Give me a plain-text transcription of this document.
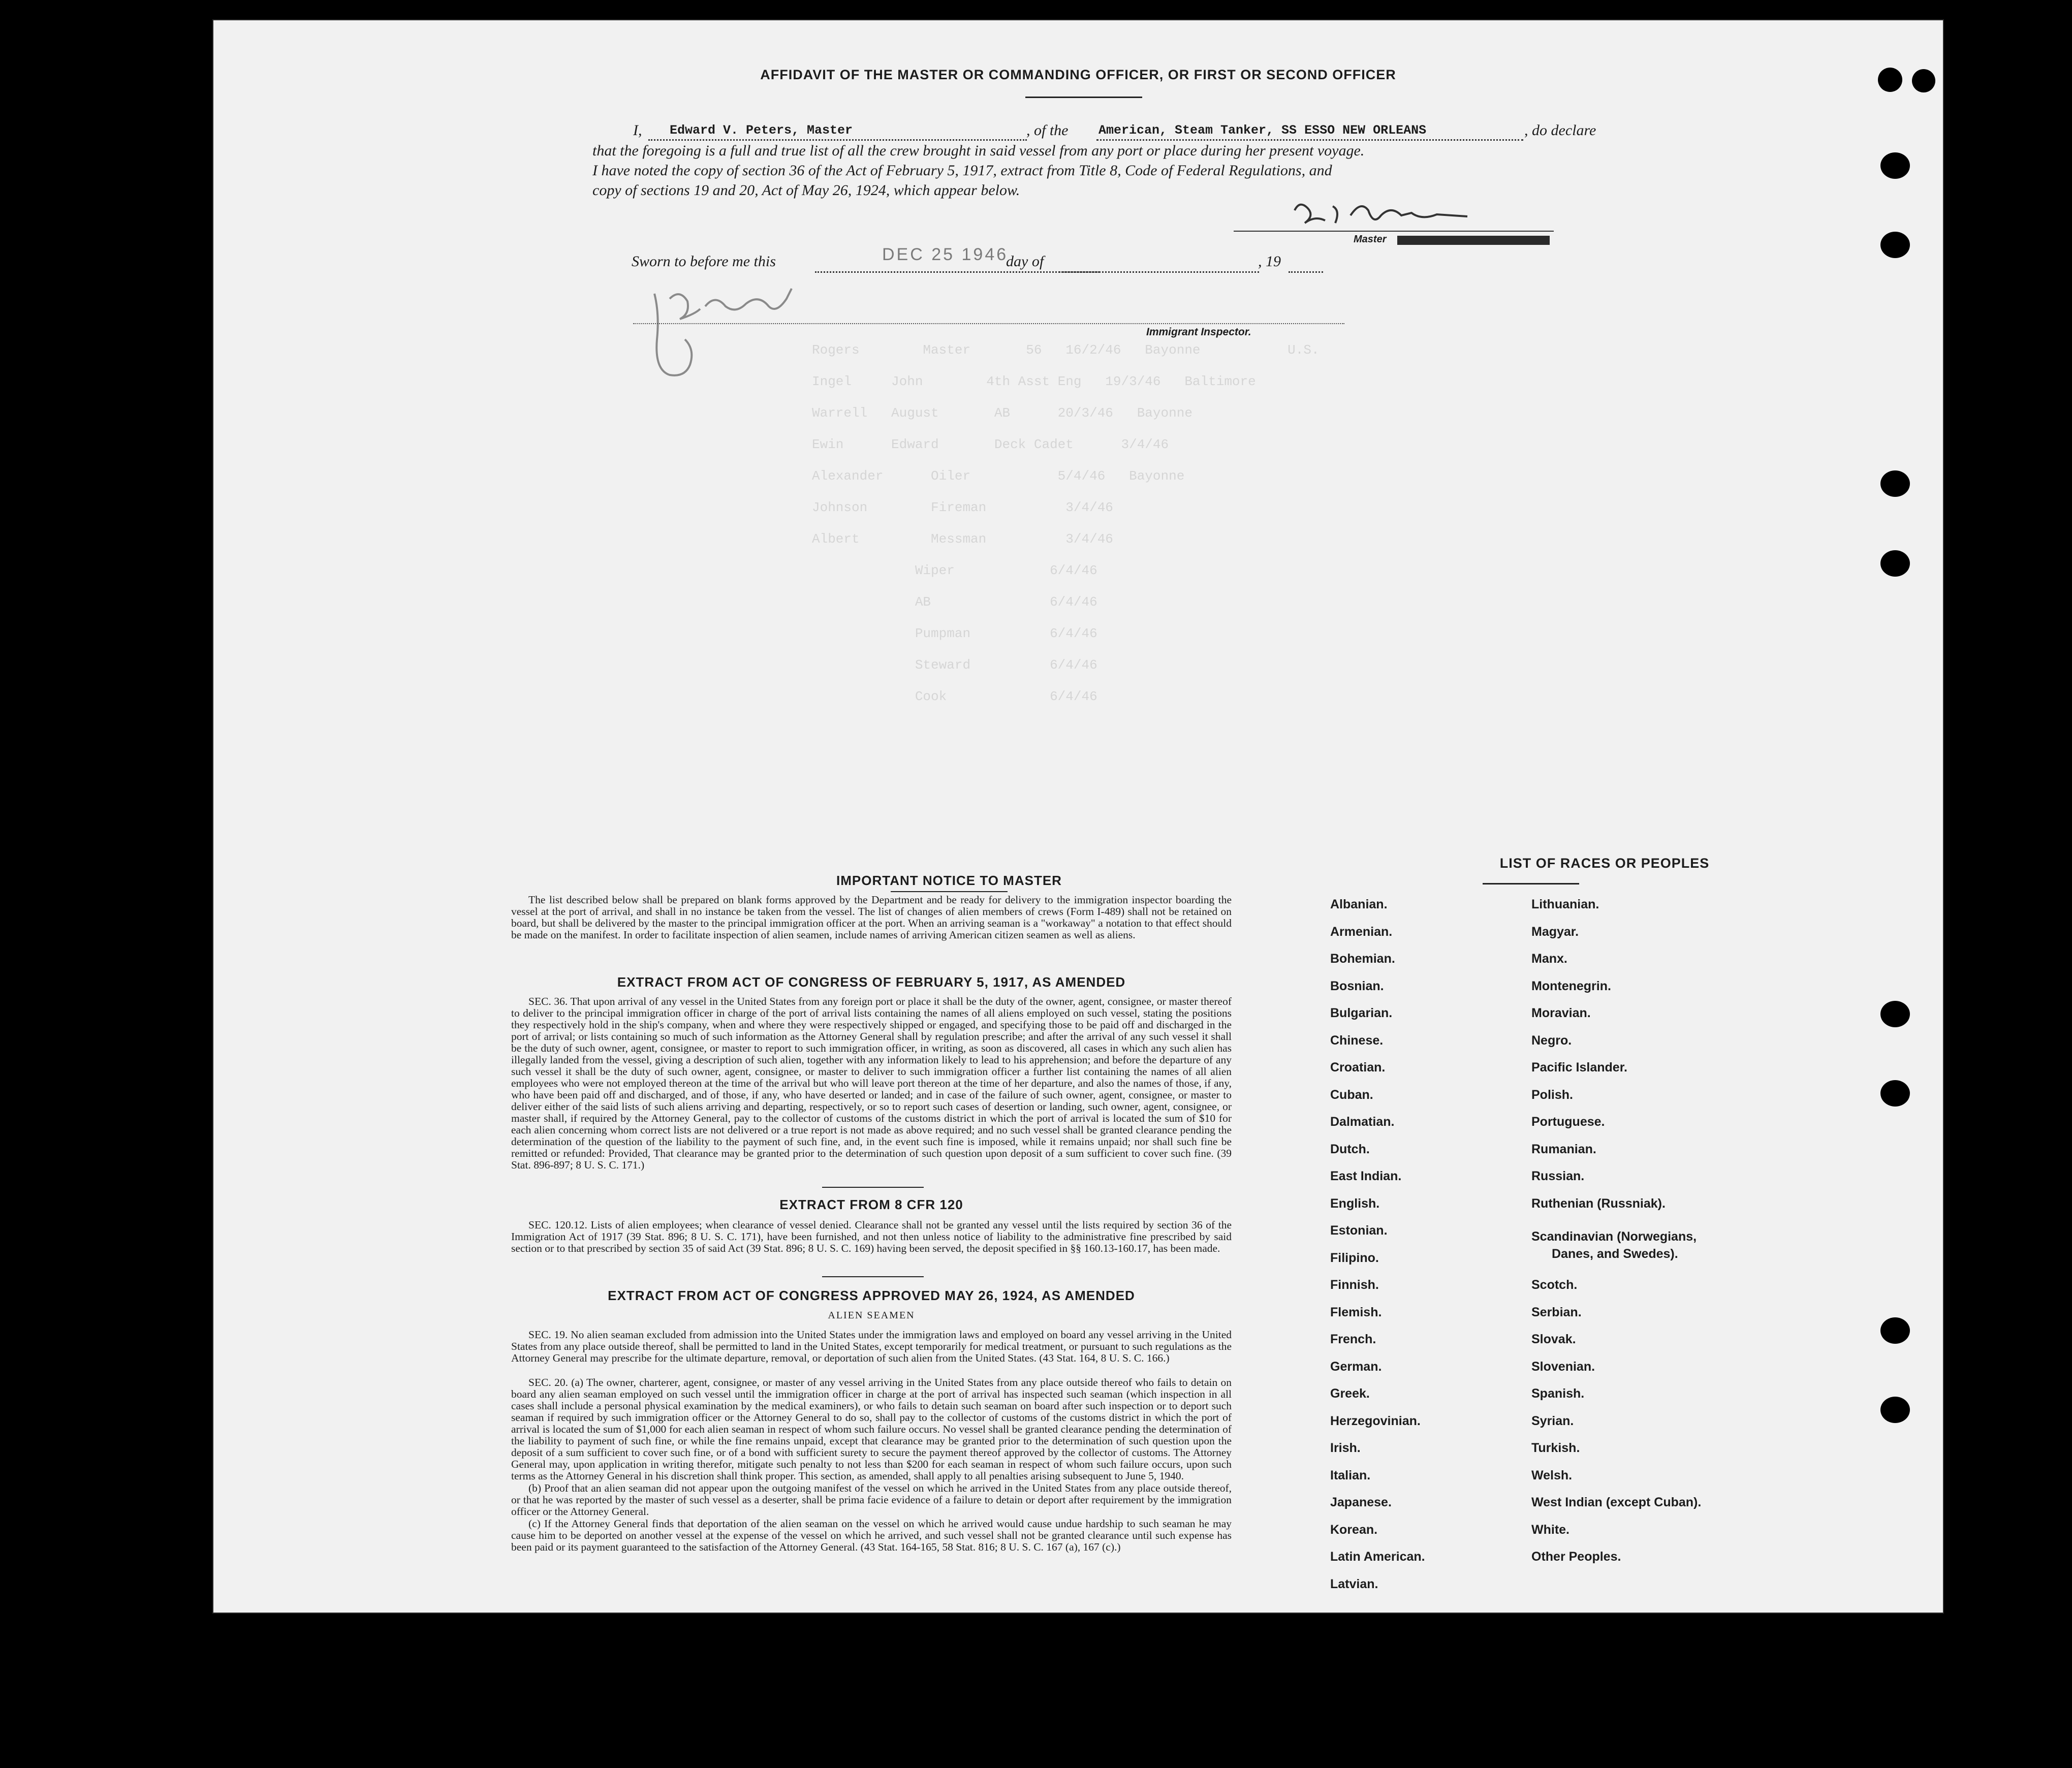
Rogers        Master       56   16/2/46   Bayonne           U.S.
Ingel     John        4th Asst Eng   19/3/46   Baltimore
Warrell   August       AB      20/3/46   Bayonne
Ewin      Edward       Deck Cadet      3/4/46
Alexander      Oiler           5/4/46   Bayonne
Johnson        Fireman          3/4/46
Albert         Messman          3/4/46
Wiper            6/4/46
AB               6/4/46
Pumpman          6/4/46
Steward          6/4/46
Cook             6/4/46
AFFIDAVIT OF THE MASTER OR COMMANDING OFFICER, OR FIRST OR SECOND OFFICER
I, Edward V. Peters, Master	, of the American, Steam Tanker, SS ESSO NEW ORLEANS	, do declare
that the foregoing is a full and true list of all the crew brought in said vessel from any port or place during her present voyage.
I have noted the copy of section 36 of the Act of February 5, 1917, extract from Title 8, Code of Federal Regulations, and
copy of sections 19 and 20, Act of May 26, 1924, which appear below.
Master
Sworn to before me this	DEC 25 1946
day of	, 19
Immigrant Inspector.
IMPORTANT NOTICE TO MASTER
The list described below shall be prepared on blank forms approved by the Department and be ready for delivery to the immigration inspector boarding the vessel at the port of arrival, and shall in no instance be taken from the vessel. The list of changes of alien members of crews (Form I-489) shall not be retained on board, but shall be delivered by the master to the principal immigration officer at the port. When an arriving seaman is a "workaway" a notation to that effect should be made on the manifest. In order to facilitate inspection of alien seamen, include names of arriving American citizen seamen as well as aliens.
EXTRACT FROM ACT OF CONGRESS OF FEBRUARY 5, 1917, AS AMENDED
SEC. 36. That upon arrival of any vessel in the United States from any foreign port or place it shall be the duty of the owner, agent, consignee, or master thereof to deliver to the principal immigration officer in charge of the port of arrival lists containing the names of all aliens employed on such vessel, stating the positions they respectively hold in the ship's company, when and where they were respectively shipped or engaged, and specifying those to be paid off and discharged in the port of arrival; or lists containing so much of such information as the Attorney General shall by regulation prescribe; and after the arrival of any such vessel it shall be the duty of such owner, agent, consignee, or master to report to such immigration officer, in writing, as soon as discovered, all cases in which any such alien has illegally landed from the vessel, giving a description of such alien, together with any information likely to lead to his apprehension; and before the departure of any such vessel it shall be the duty of such owner, agent, consignee, or master to deliver to such immigration officer a further list containing the names of all alien employees who were not employed thereon at the time of the arrival but who will leave port thereon at the time of her departure, and also the names of those, if any, who have been paid off and discharged, and of those, if any, who have deserted or landed; and in case of the failure of such owner, agent, consignee, or master to deliver either of the said lists of such aliens arriving and departing, respectively, or so to report such cases of desertion or landing, such owner, agent, consignee, or master shall, if required by the Attorney General, pay to the collector of customs of the customs district in which the port of arrival is located the sum of $10 for each alien concerning whom correct lists are not delivered or a true report is not made as above required; and no such vessel shall be granted clearance pending the determination of the question of the liability to the payment of such fine, and, in the event such fine is imposed, while it remains unpaid; nor shall such fine be remitted or refunded: Provided, That clearance may be granted prior to the determination of such question upon deposit of a sum sufficient to cover such fine. (39 Stat. 896-897; 8 U. S. C. 171.)
EXTRACT FROM 8 CFR 120
SEC. 120.12. Lists of alien employees; when clearance of vessel denied. Clearance shall not be granted any vessel until the lists required by section 36 of the Immigration Act of 1917 (39 Stat. 896; 8 U. S. C. 171), have been furnished, and not then unless notice of liability to the administrative fine prescribed by said section or to that prescribed by section 35 of said Act (39 Stat. 896; 8 U. S. C. 169) having been served, the deposit specified in §§ 160.13-160.17, has been made.
EXTRACT FROM ACT OF CONGRESS APPROVED MAY 26, 1924, AS AMENDED
ALIEN SEAMEN
SEC. 19. No alien seaman excluded from admission into the United States under the immigration laws and employed on board any vessel arriving in the United States from any place outside thereof, shall be permitted to land in the United States, except temporarily for medical treatment, or pursuant to such regulations as the Attorney General may prescribe for the ultimate departure, removal, or deportation of such alien from the United States. (43 Stat. 164, 8 U. S. C. 166.)
SEC. 20. (a) The owner, charterer, agent, consignee, or master of any vessel arriving in the United States from any place outside thereof who fails to detain on board any alien seaman employed on such vessel until the immigration officer in charge at the port of arrival has inspected such seaman (which inspection in all cases shall include a personal physical examination by the medical examiners), or who fails to detain such seaman on board after such inspection or to deport such seaman if required by such immigration officer or the Attorney General to do so, shall pay to the collector of customs of the customs district in which the port of arrival is located the sum of $1,000 for each alien seaman in respect of whom such failure occurs. No vessel shall be granted clearance pending the determination of the liability to payment of such fine, or while the fine remains unpaid, except that clearance may be granted prior to the determination of such question upon the deposit of a sum sufficient to cover such fine, or of a bond with sufficient surety to secure the payment thereof approved by the collector of customs. The Attorney General may, upon application in writing therefor, mitigate such penalty to not less than $200 for each seaman in respect of whom such failure occurs, upon such terms as the Attorney General in his discretion shall think proper. This section, as amended, shall apply to all penalties arising subsequent to June 5, 1940.
(b) Proof that an alien seaman did not appear upon the outgoing manifest of the vessel on which he arrived in the United States from any place outside thereof, or that he was reported by the master of such vessel as a deserter, shall be prima facie evidence of a failure to detain or deport after requirement by the immigration officer or the Attorney General.
(c) If the Attorney General finds that deportation of the alien seaman on the vessel on which he arrived would cause undue hardship to such seaman he may cause him to be deported on another vessel at the expense of the vessel on which he arrived, and such vessel shall not be granted clearance until such expense has been paid or its payment guaranteed to the satisfaction of the Attorney General. (43 Stat. 164-165, 58 Stat. 816; 8 U. S. C. 167 (a), 167 (c).)
LIST OF RACES OR PEOPLES
Albanian.
Armenian.
Bohemian.
Bosnian.
Bulgarian.
Chinese.
Croatian.
Cuban.
Dalmatian.
Dutch.
East Indian.
English.
Estonian.
Filipino.
Finnish.
Flemish.
French.
German.
Greek.
Herzegovinian.
Irish.
Italian.
Japanese.
Korean.
Latin American.
Latvian.
Lithuanian.
Magyar.
Manx.
Montenegrin.
Moravian.
Negro.
Pacific Islander.
Polish.
Portuguese.
Rumanian.
Russian.
Ruthenian (Russniak).
Scandinavian (Norwegians,
Danes, and Swedes).
Scotch.
Serbian.
Slovak.
Slovenian.
Spanish.
Syrian.
Turkish.
Welsh.
West Indian (except Cuban).
White.
Other Peoples.
